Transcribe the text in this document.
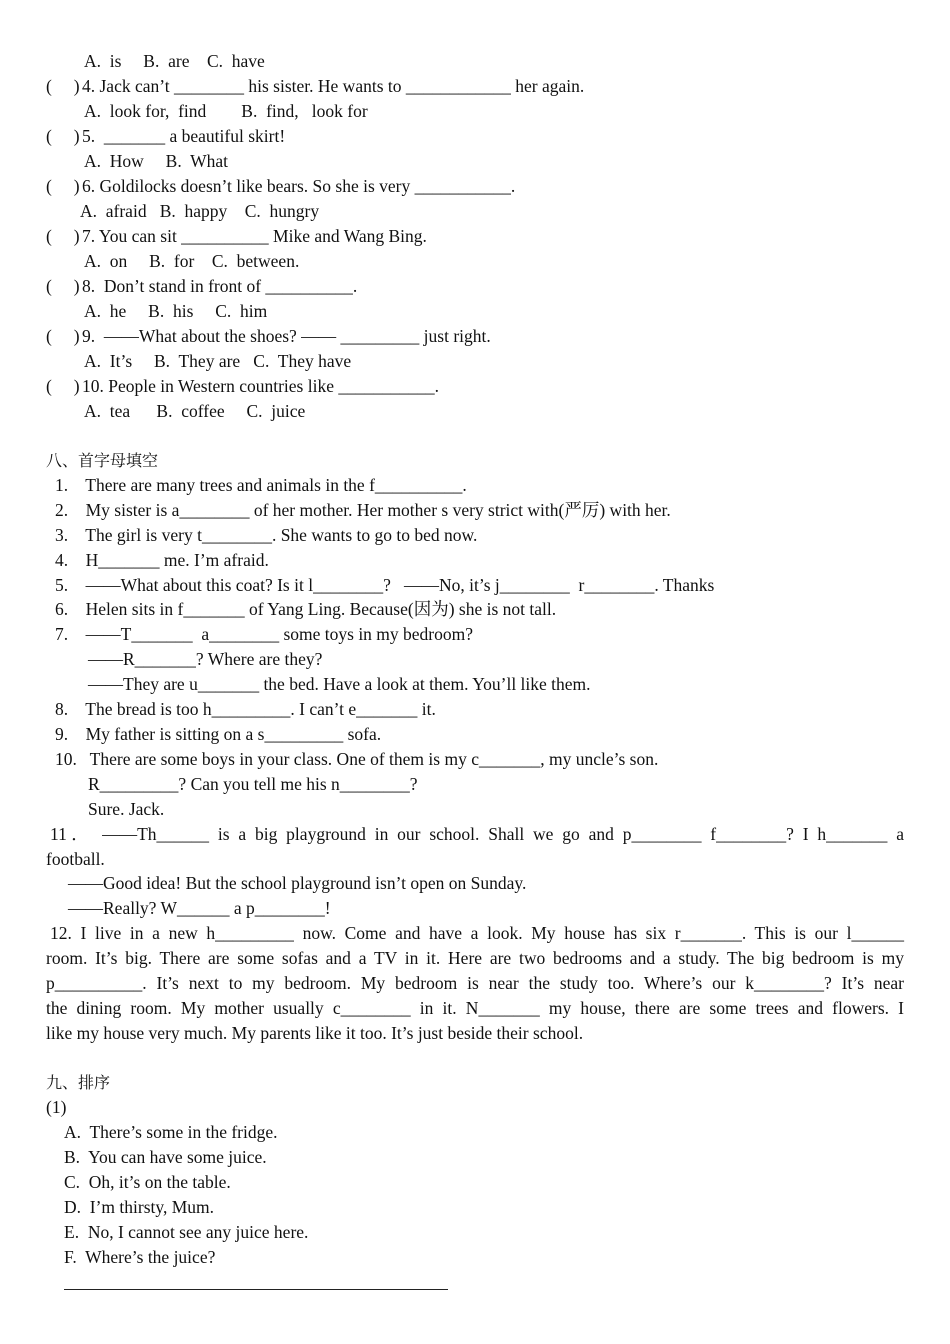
A.  is     B.  are    C.  have
(     ) 4. Jack can’t ________ his sister. He wants to ____________ her again.
A.  look for,  find        B.  find,   look for
(     ) 5.  _______ a beautiful skirt!
A.  How     B.  What
(     ) 6. Goldilocks doesn’t like bears. So she is very ___________.
A.  afraid   B.  happy    C.  hungry
(     ) 7. You can sit __________ Mike and Wang Bing.
A.  on     B.  for    C.  between.
(     ) 8.  Don’t stand in front of __________.
A.  he     B.  his     C.  him
(     ) 9.  ——What about the shoes? —— _________ just right.
A.  It’s     B.  They are   C.  They have
(     ) 10. People in Western countries like ___________.
A.  tea      B.  coffee     C.  juice
八、首字母填空
1.    There are many trees and animals in the f__________.
2.    My sister is a________ of her mother. Her mother s very strict with(严厉) with her.
3.    The girl is very t________. She wants to go to bed now.
4.    H_______ me. I’m afraid.
5.    ——What about this coat? Is it l________?   ——No, it’s j________  r________. Thanks
6.    Helen sits in f_______ of Yang Ling. Because(因为) she is not tall.
7.    ——T_______  a________ some toys in my bedroom?
——R_______? Where are they?
——They are u_______ the bed. Have a look at them. You’ll like them.
8.    The bread is too h_________. I can’t e_______ it.
9.    My father is sitting on a s_________ sofa.
10.   There are some boys in your class. One of them is my c_______, my uncle’s son.
R_________? Can you tell me his n________?
Sure. Jack.
11． ——Th______ is a big playground in our school. Shall we go and p________ f________? I h_______ a
football.
——Good idea! But the school playground isn’t open on Sunday.
——Really? W______ a p________!
12. I live in a new h_________ now. Come and have a look. My house has six r_______. This is our l______
room. It’s big. There are some sofas and a TV in it. Here are two bedrooms and a study. The big bedroom is my
p__________. It’s next to my bedroom. My bedroom is near the study too. Where’s our k________? It’s near
the dining room. My mother usually c________ in it. N_______ my house, there are some trees and flowers. I
like my house very much. My parents like it too. It’s just beside their school.
九、排序
(1)
A.  There’s some in the fridge.
B.  You can have some juice.
C.  Oh, it’s on the table.
D.  I’m thirsty, Mum.
E.  No, I cannot see any juice here.
F.  Where’s the juice?
